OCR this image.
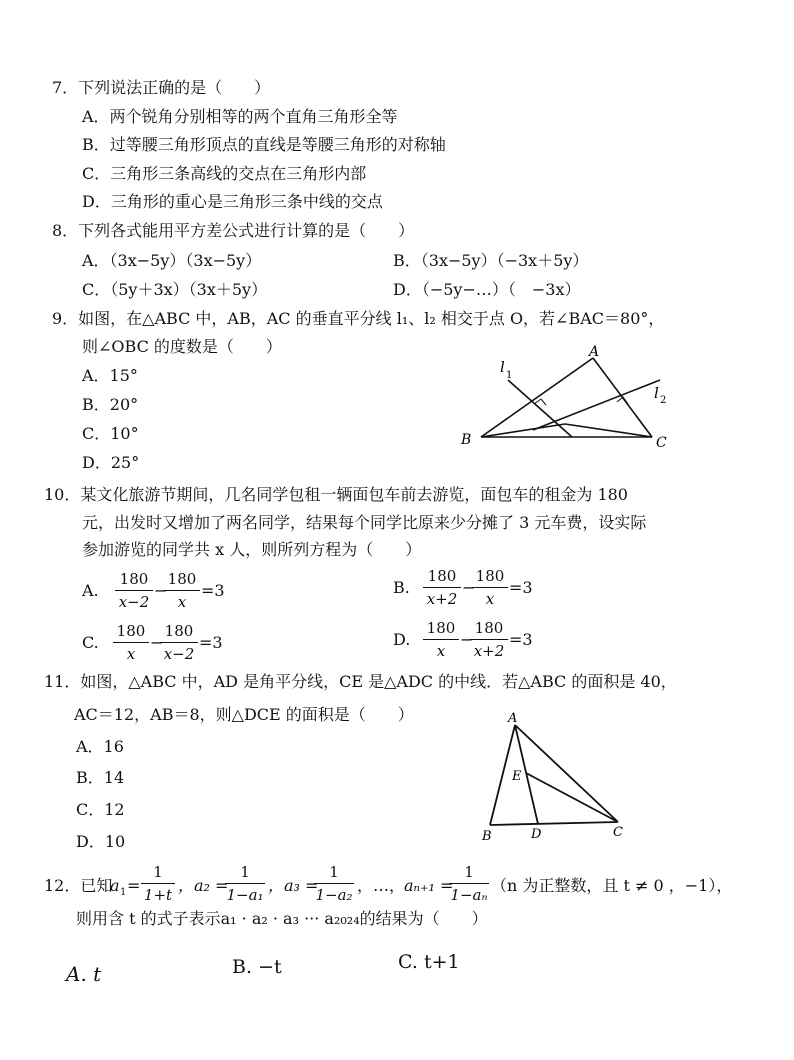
7．下列说法正确的是（　　）
A．两个锐角分别相等的两个直角三角形全等
B．过等腰三角形顶点的直线是等腰三角形的对称轴
C．三角形三条高线的交点在三角形内部
D．三角形的重心是三角形三条中线的交点
8．下列各式能用平方差公式进行计算的是（　　）
A．（3x−5y）（3x−5y）	B．（3x−5y）（−3x＋5y）
C．（5y＋3x）（3x＋5y）	D．（−5y−…）（　−3x）
9．如图，在△ABC 中，AB，AC 的垂直平分线 l₁、l₂ 相交于点 O，若∠BAC＝80°，
则∠OBC 的度数是（　　）
A．15°
B．20°
C．10°
D．25°
A
B	C
l 1
l 2
10．某文化旅游节期间，几名同学包租一辆面包车前去游览，面包车的租金为 180
元，出发时又增加了两名同学，结果每个同学比原来少分摊了 3 元车费，设实际
参加游览的同学共 x 人，则所列方程为（　　）
A.
180
x−2
−
180
x
=3	B.
180
x+2
−
180
x
=3
C.
180
x
−
180
x−2
=3	D.
180
x
−
180
x+2
=3
11．如图，△ABC 中，AD 是角平分线，CE 是△ADC 的中线．若△ABC 的面积是 40，
AC＝12，AB＝8，则△DCE 的面积是（　　）
A．16
B．14
C．12
D．10
A
B	C
D
E
12．已知
a 1 =
1
1+t ，a₂ =
1
1−a₁ ，a₃ =
1
1−a₂ ，…，
aₙ₊₁ =
1
1−aₙ （n 为正整数，且 t ≠ 0 ，−1），
则用含 t 的式子表示a₁ · a₂ · a₃ ··· a₂₀₂₄的结果为（　　）
A. t	B. −t	C. t+1
